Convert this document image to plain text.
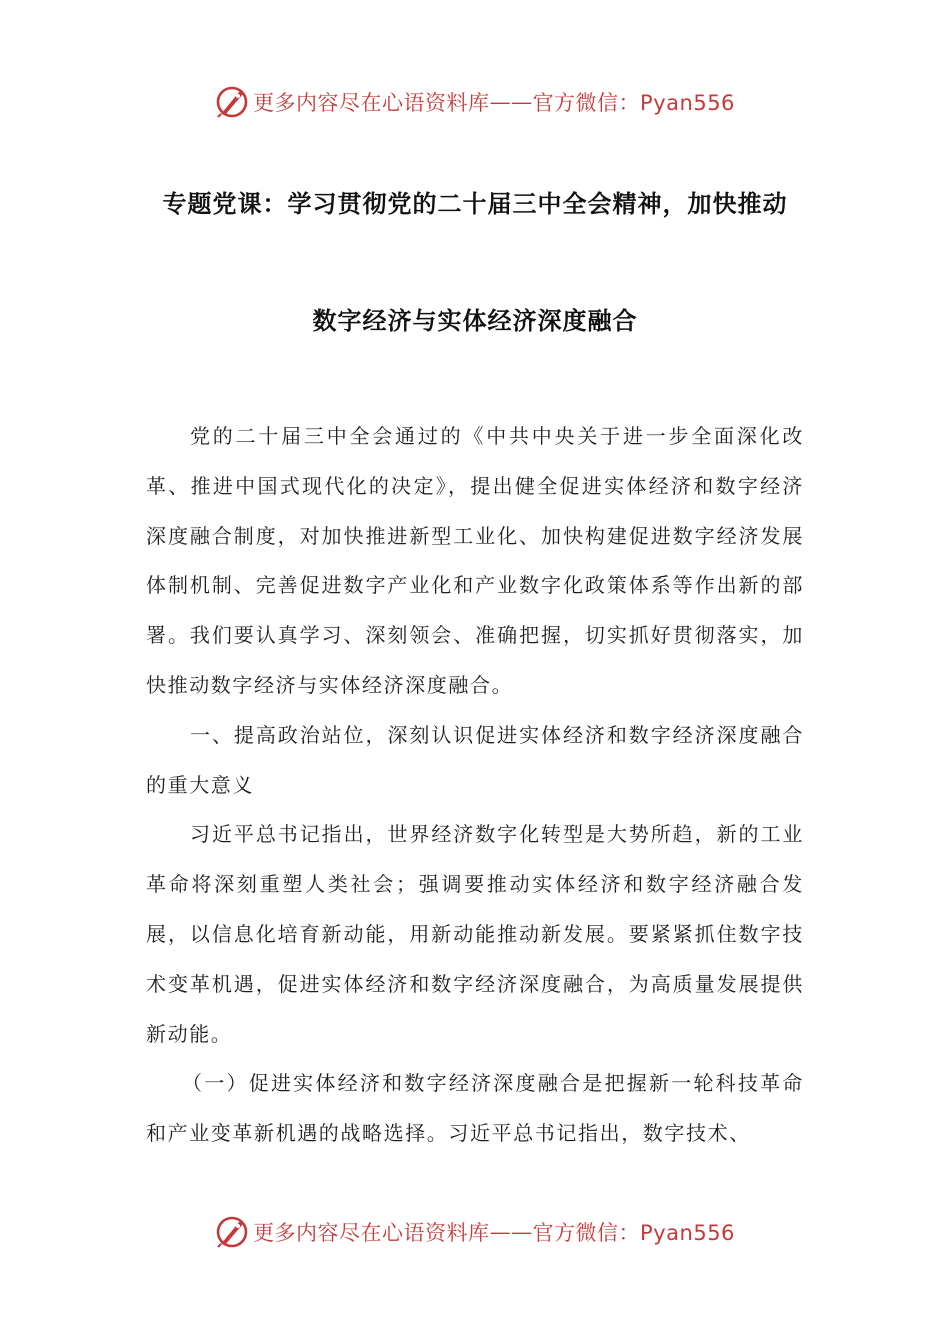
更多内容尽在心语资料库 —— 官方微信：Pyan556
专题党课：学习贯彻党的二十届三中全会精神，加快推动
数字经济与实体经济深度融合

党的二十届三中全会通过的《中共中央关于进一步全面深化改革、推进中国式现代化的决定》，提出健全促进实体经济和数字经济深度融合制度，对加快推进新型工业化、加快构建促进数字经济发展体制机制、完善促进数字产业化和产业数字化政策体系等作出新的部署。我们要认真学习、深刻领会、准确把握，切实抓好贯彻落实，加快推动数字经济与实体经济深度融合。

一、提高政治站位，深刻认识促进实体经济和数字经济深度融合的重大意义

习近平总书记指出，世界经济数字化转型是大势所趋，新的工业革命将深刻重塑人类社会；强调要推动实体经济和数字经济融合发展，以信息化培育新动能，用新动能推动新发展。要紧紧抓住数字技术变革机遇，促进实体经济和数字经济深度融合，为高质量发展提供新动能。

（一）促进实体经济和数字经济深度融合是把握新一轮科技革命和产业变革新机遇的战略选择。习近平总书记指出，数字技术、

更多内容尽在心语资料库 —— 官方微信：Pyan556
